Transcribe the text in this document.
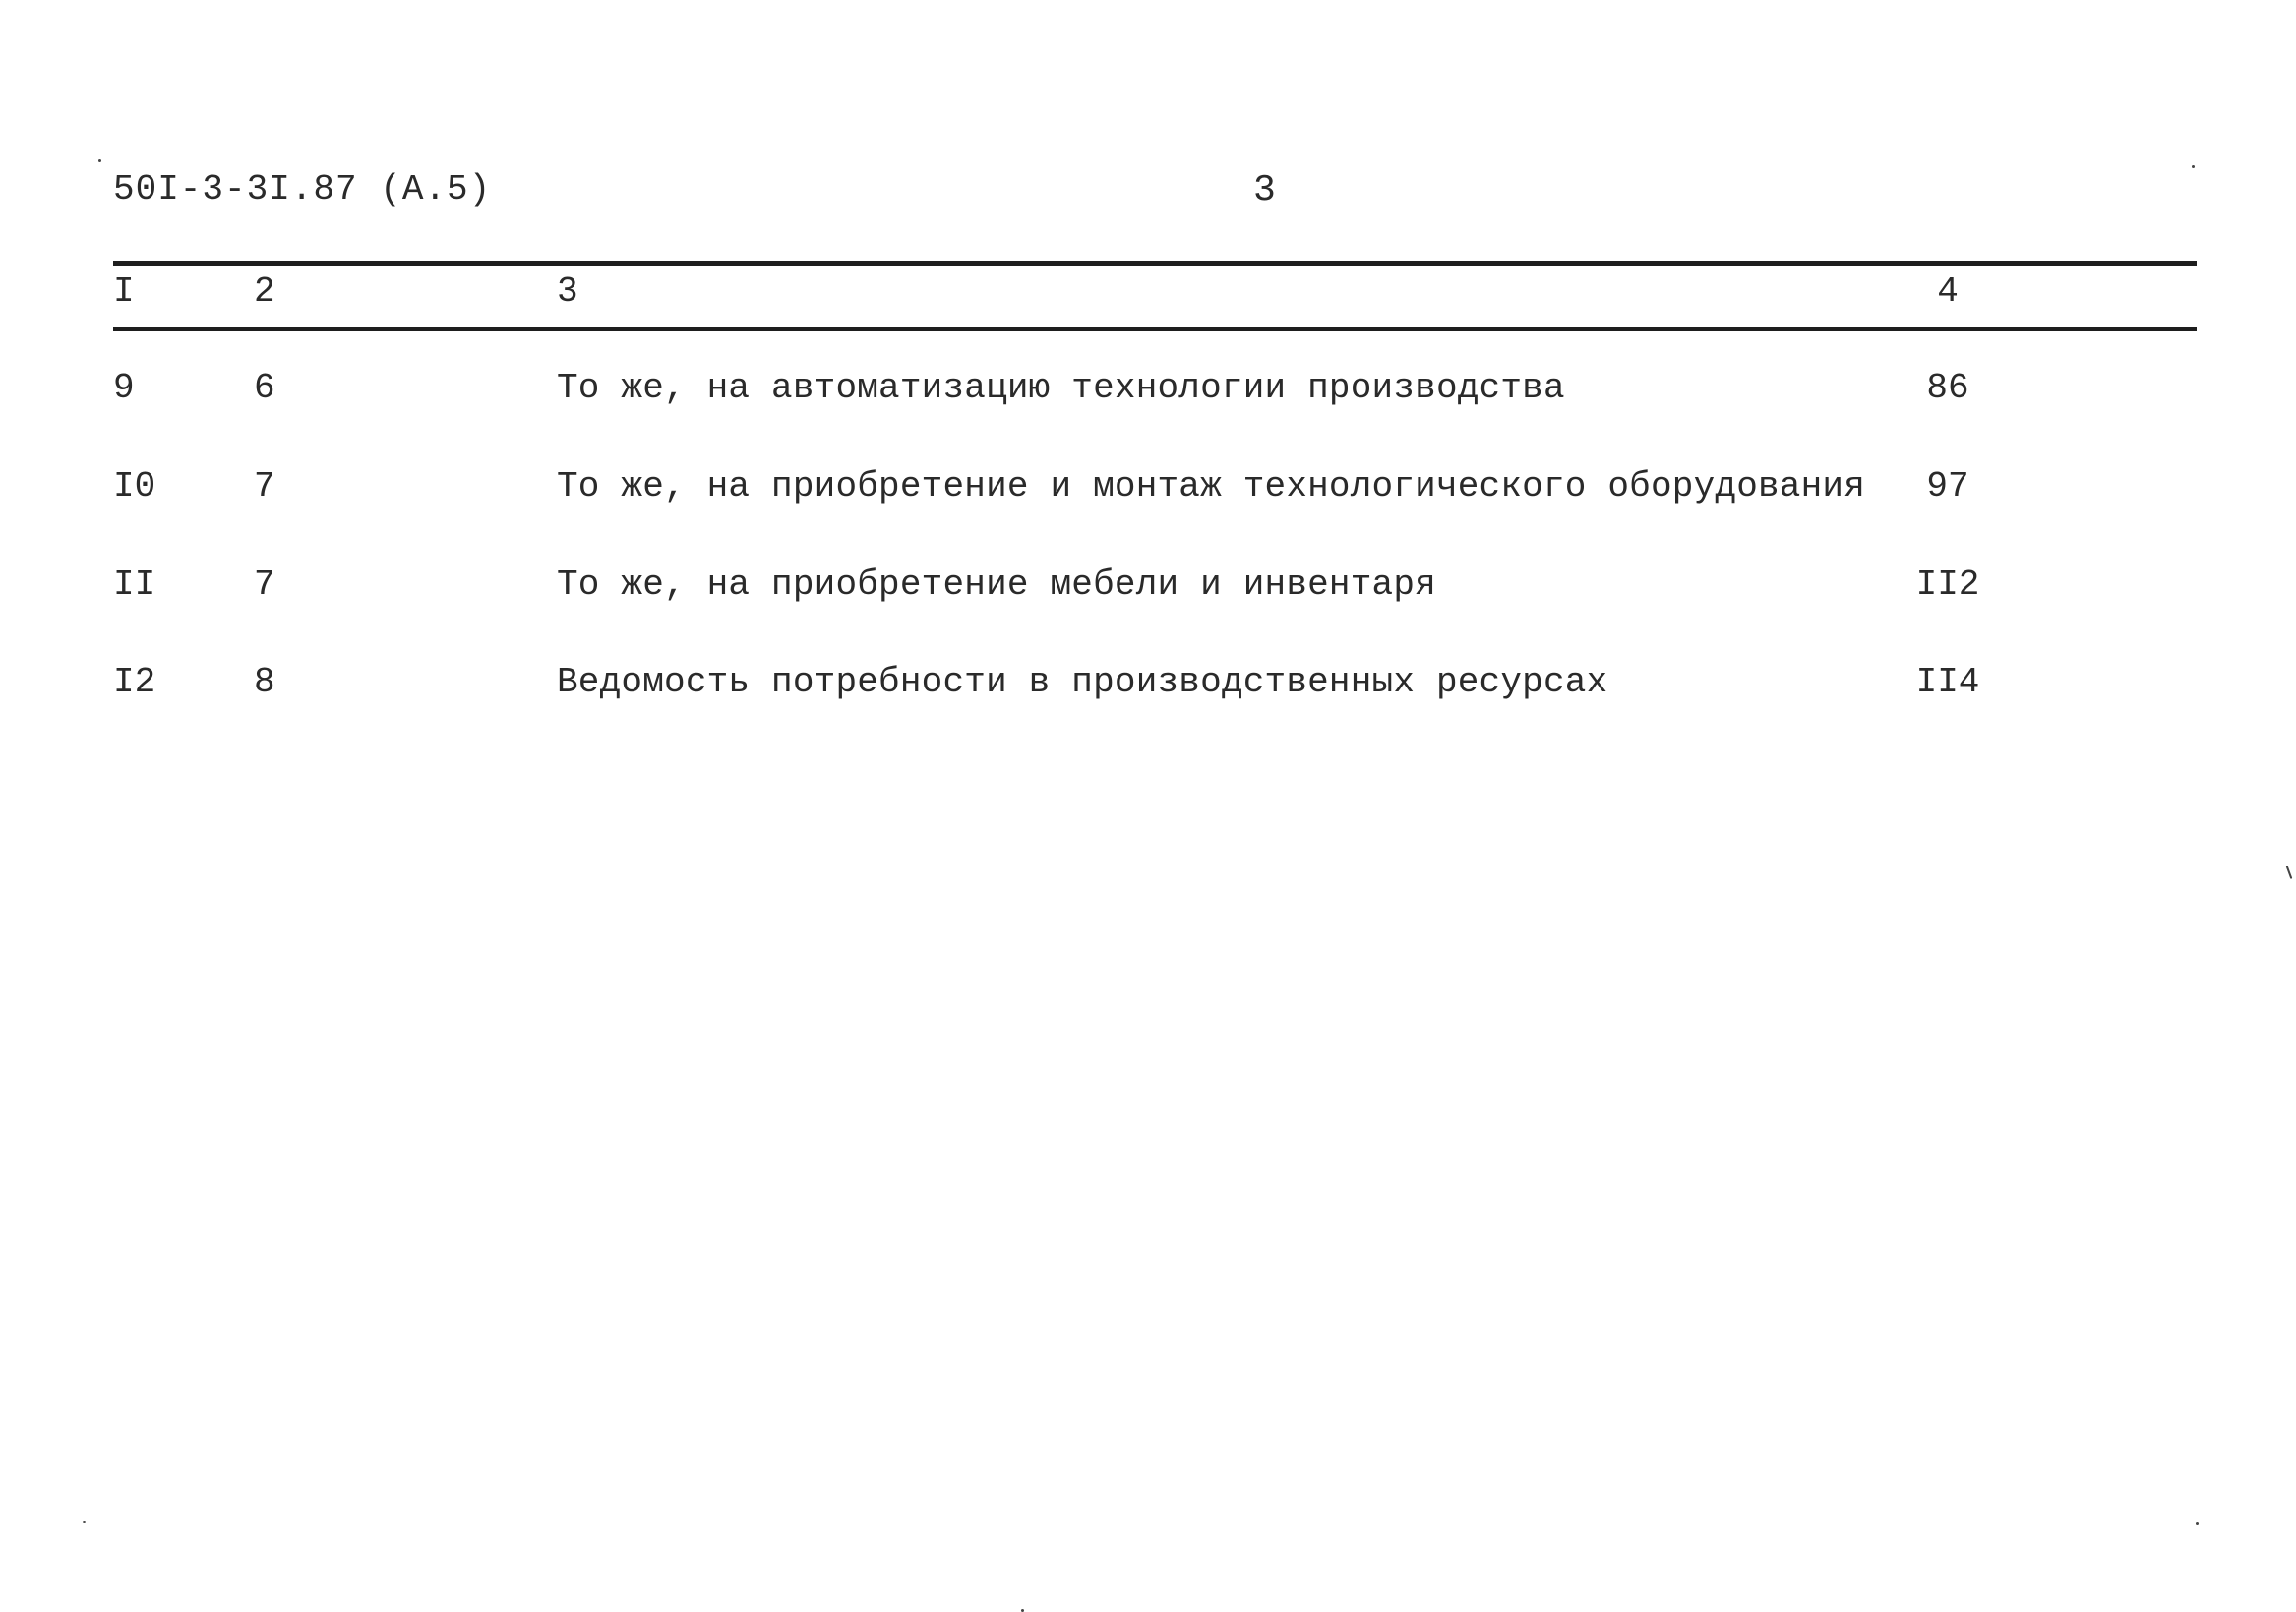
50I-3-3I.87 (A.5)	3
I	2	3	4
9	6	То же, на автоматизацию технологии производства	86
I0	7	То же, на приобретение и монтаж технологического оборудования	97
II	7	То же, на приобретение мебели и инвентаря	II2
I2	8	Ведомость потребности в производственных ресурсах	II4
